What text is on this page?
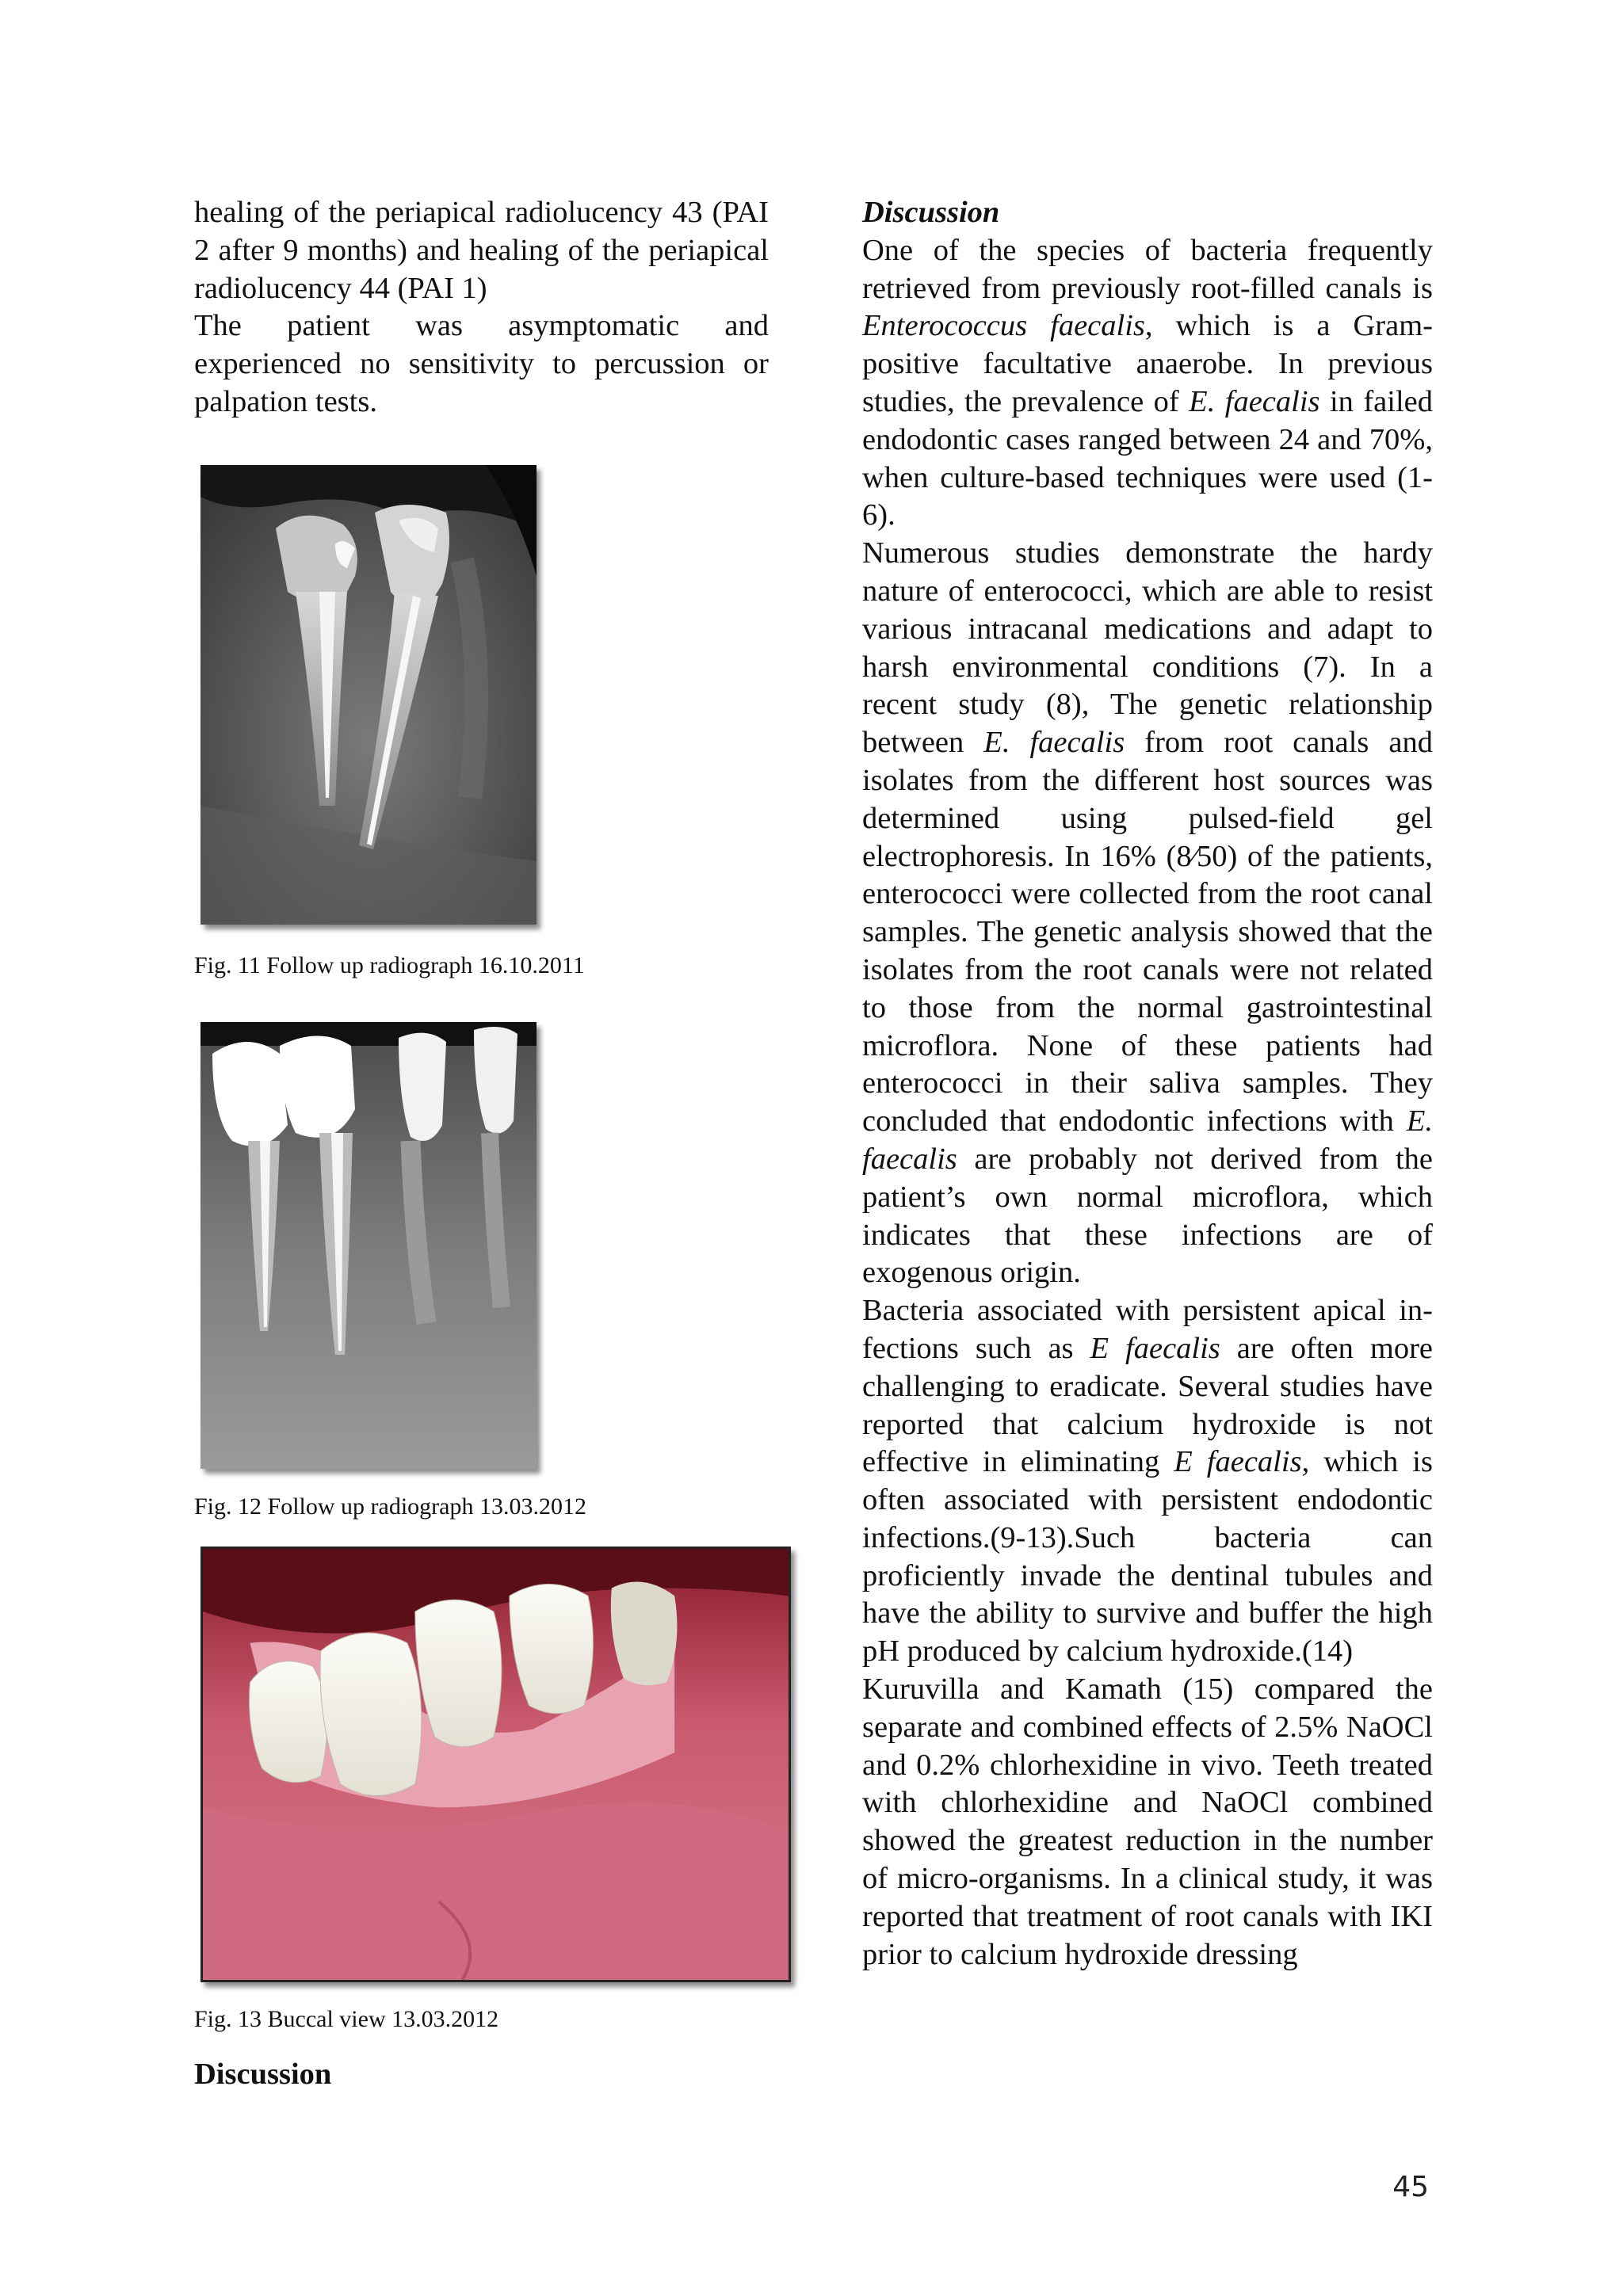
healing of the periapical radiolucency 43 (PAI 2 after 9 months) and healing of the periapical radiolucency 44 (PAI 1)

The patient was asymptomatic and experienced no sensitivity to percussion or palpation tests.

Fig. 11 Follow up radiograph 16.10.2011

Fig. 12 Follow up radiograph 13.03.2012

Fig. 13 Buccal view 13.03.2012

Discussion

Discussion

One of the species of bacteria frequently retrieved from previously root-filled canals is Enterococcus faecalis, which is a Gram-positive facultative anaerobe. In previous studies, the prevalence of E. faecalis in failed endodontic cases ranged between 24 and 70%, when culture-based techniques were used (1-6).

Numerous studies demonstrate the hardy nature of enterococci, which are able to resist various intracanal medications and adapt to harsh environmental conditions (7). In a recent study (8), The genetic relationship between E. faecalis from root canals and isolates from the different host sources was determined using pulsed-field gel electrophoresis. In 16% (8⁄50) of the patients, enterococci were collected from the root canal samples. The genetic analysis showed that the isolates from the root canals were not related to those from the normal gastrointestinal microflora. None of these patients had enterococci in their saliva samples. They concluded that endodontic infections with E. faecalis are probably not derived from the patient’s own normal microflora, which indicates that these infections are of exogenous origin.

Bacteria associated with persistent apical in- fections such as E faecalis are often more challenging to eradicate. Several studies have reported that calcium hydroxide is not effective in eliminating E faecalis, which is often associated with persistent endodontic infections.(9-13).Such bacteria can proficiently invade the dentinal tubules and have the ability to survive and buffer the high pH produced by calcium hydroxide.(14)

Kuruvilla and Kamath (15) compared the separate and combined effects of 2.5% NaOCl and 0.2% chlorhexidine in vivo. Teeth treated with chlorhexidine and NaOCl combined showed the greatest reduction in the number of micro-organisms. In a clinical study, it was reported that treatment of root canals with IKI prior to calcium hydroxide dressing

45
